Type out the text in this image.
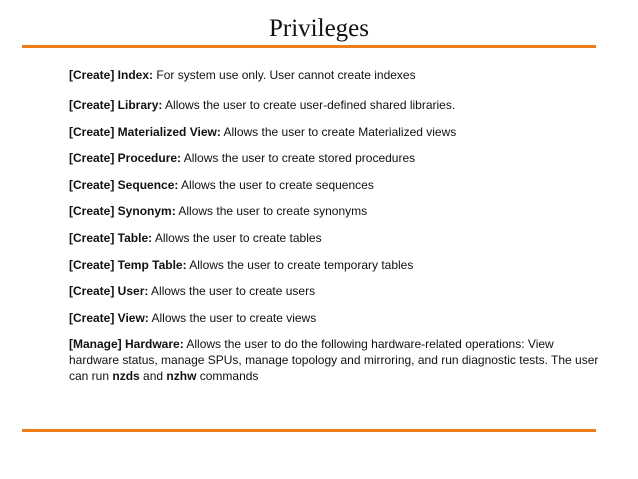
Privileges
[Create] Index: For system use only. User cannot create indexes
[Create] Library: Allows the user to create user-defined shared libraries.
[Create] Materialized View: Allows the user to create Materialized views
[Create] Procedure: Allows the user to create stored procedures
[Create] Sequence: Allows the user to create sequences
[Create] Synonym: Allows the user to create synonyms
[Create] Table: Allows the user to create tables
[Create] Temp Table: Allows the user to create temporary tables
[Create] User: Allows the user to create users
[Create] View: Allows the user to create views
[Manage] Hardware: Allows the user to do the following hardware-related operations: View hardware status, manage SPUs, manage topology and mirroring, and run diagnostic tests. The user can run nzds and nzhw commands
